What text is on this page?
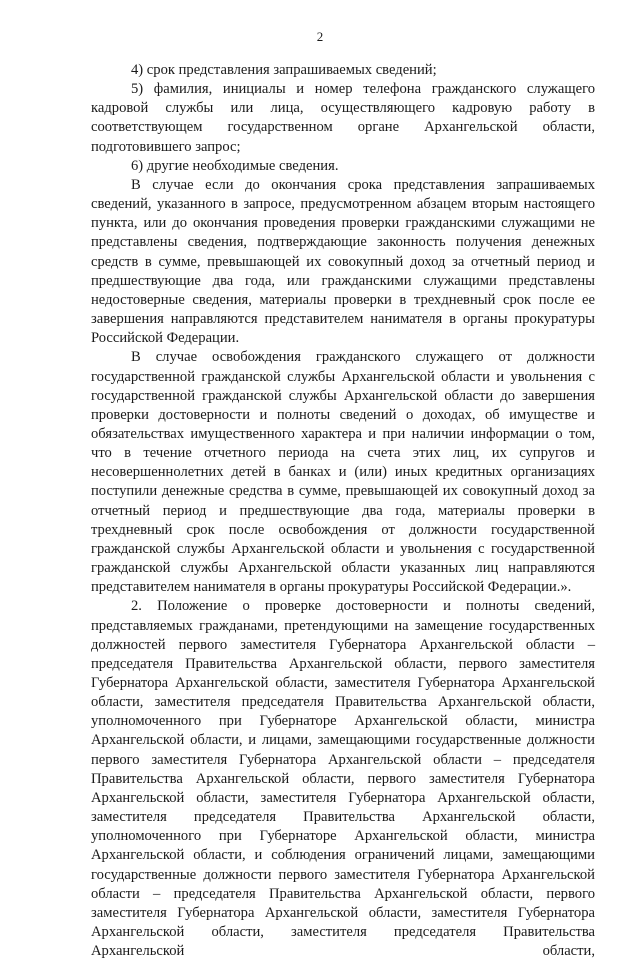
2

4) срок представления запрашиваемых сведений;

5) фамилия, инициалы и номер телефона гражданского служащего кадровой службы или лица, осуществляющего кадровую работу в соответствующем государственном органе Архангельской области, подготовившего запрос;

6) другие необходимые сведения.

В случае если до окончания срока представления запрашиваемых сведений, указанного в запросе, предусмотренном абзацем вторым настоящего пункта, или до окончания проведения проверки гражданскими служащими не представлены сведения, подтверждающие законность получения денежных средств в сумме, превышающей их совокупный доход за отчетный период и предшествующие два года, или гражданскими служащими представлены недостоверные сведения, материалы проверки в трехдневный срок после ее завершения направляются представителем нанимателя в органы прокуратуры Российской Федерации.

В случае освобождения гражданского служащего от должности государственной гражданской службы Архангельской области и увольнения с государственной гражданской службы Архангельской области до завершения проверки достоверности и полноты сведений о доходах, об имуществе и обязательствах имущественного характера и при наличии информации о том, что в течение отчетного периода на счета этих лиц, их супругов и несовершеннолетних детей в банках и (или) иных кредитных организациях поступили денежные средства в сумме, превышающей их совокупный доход за отчетный период и предшествующие два года, материалы проверки в трехдневный срок после освобождения от должности государственной гражданской службы Архангельской области и увольнения с государственной гражданской службы Архангельской области указанных лиц направляются представителем нанимателя в органы прокуратуры Российской Федерации.».

2. Положение о проверке достоверности и полноты сведений, представляемых гражданами, претендующими на замещение государственных должностей первого заместителя Губернатора Архангельской области – председателя Правительства Архангельской области, первого заместителя Губернатора Архангельской области, заместителя Губернатора Архангельской области, заместителя председателя Правительства Архангельской области, уполномоченного при Губернаторе Архангельской области, министра Архангельской области, и лицами, замещающими государственные должности первого заместителя Губернатора Архангельской области – председателя Правительства Архангельской области, первого заместителя Губернатора Архангельской области, заместителя Губернатора Архангельской области, заместителя председателя Правительства Архангельской области, уполномоченного при Губернаторе Архангельской области, министра Архангельской области, и соблюдения ограничений лицами, замещающими государственные должности первого заместителя Губернатора Архангельской области – председателя Правительства Архангельской области, первого заместителя Губернатора Архангельской области, заместителя Губернатора Архангельской области, заместителя председателя Правительства Архангельской области,
